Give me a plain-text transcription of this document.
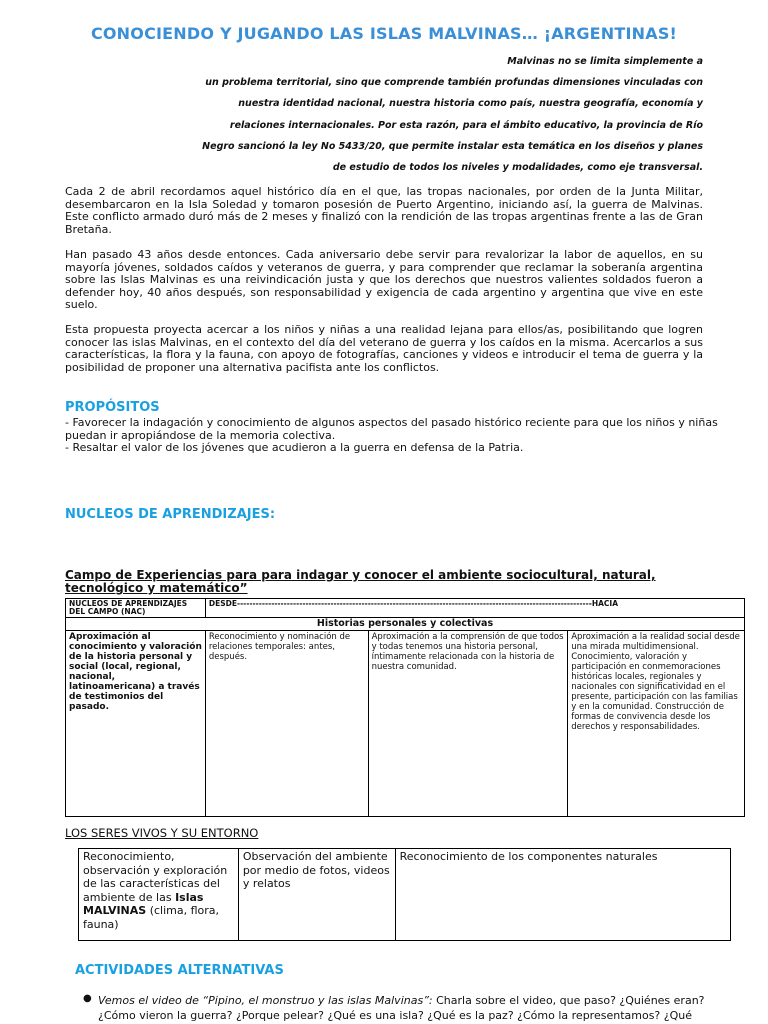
CONOCIENDO Y JUGANDO LAS ISLAS MALVINAS… ¡ARGENTINAS!
Malvinas no se limita simplemente a
un problema territorial, sino que comprende también profundas dimensiones vinculadas con
nuestra identidad nacional, nuestra historia como país, nuestra geografía, economía y
relaciones internacionales. Por esta razón, para el ámbito educativo, la provincia de Río
Negro sancionó la ley No 5433/20, que permite instalar esta temática en los diseños y planes
de estudio de todos los niveles y modalidades, como eje transversal.

Cada 2 de abril recordamos aquel histórico día en el que, las tropas nacionales, por orden de la Junta Militar, desembarcaron en la Isla Soledad y tomaron posesión de Puerto Argentino, iniciando así, la guerra de Malvinas. Este conflicto armado duró más de 2 meses y finalizó con la rendición de las tropas argentinas frente a las de Gran Bretaña.

Han pasado 43 años desde entonces. Cada aniversario debe servir para revalorizar la labor de aquellos, en su mayoría jóvenes, soldados caídos y veteranos de guerra, y para comprender que reclamar la soberanía argentina sobre las Islas Malvinas es una reivindicación justa y que los derechos que nuestros valientes soldados fueron a defender hoy, 40 años después, son responsabilidad y exigencia de cada argentino y argentina que vive en este suelo.

Esta propuesta proyecta acercar a los niños y niñas a una realidad lejana para ellos/as, posibilitando que logren conocer las islas Malvinas, en el contexto del día del veterano de guerra y los caídos en la misma. Acercarlos a sus características, la flora y la fauna, con apoyo de fotografías, canciones y videos e introducir el tema de guerra y la posibilidad de proponer una alternativa pacifista ante los conflictos.

PROPÓSITOS
- Favorecer la indagación y conocimiento de algunos aspectos del pasado histórico reciente para que los niños y niñas puedan ir apropiándose de la memoria colectiva.
- Resaltar el valor de los jóvenes que acudieron a la guerra en defensa de la Patria.
NUCLEOS DE APRENDIZAJES:
Campo de Experiencias para para indagar y conocer el ambiente sociocultural, natural, tecnológico y matemático”
NUCLEOS DE APRENDIZAJES DEL CAMPO (NAC)	DESDE------------------------------------------------------------------------------------------------------------------HACIA		
Historias personales y colectivas			
Aproximación al conocimiento y valoración de la historia personal y social (local, regional, nacional, latinoamericana) a través de testimonios del pasado.	Reconocimiento y nominación de relaciones temporales: antes, después.	Aproximación a la comprensión de que todos y todas tenemos una historia personal, íntimamente relacionada con la historia de nuestra comunidad.	Aproximación a la realidad social desde una mirada multidimensional. Conocimiento, valoración y participación en conmemoraciones históricas locales, regionales y nacionales con significatividad en el presente, participación con las familias y en la comunidad. Construcción de formas de convivencia desde los derechos y responsabilidades.
LOS SERES VIVOS Y SU ENTORNO
Reconocimiento, observación y exploración de las características del ambiente de las Islas MALVINAS (clima, flora, fauna)	Observación del ambiente por medio de fotos, videos y relatos	Reconocimiento de los componentes naturales
ACTIVIDADES ALTERNATIVAS
● Vemos el video de “Pipino, el monstruo y las islas Malvinas”: Charla sobre el video, que paso? ¿Quiénes eran? ¿Cómo vieron la guerra? ¿Porque pelear? ¿Qué es una isla? ¿Qué es la paz? ¿Cómo la representamos? ¿Qué
